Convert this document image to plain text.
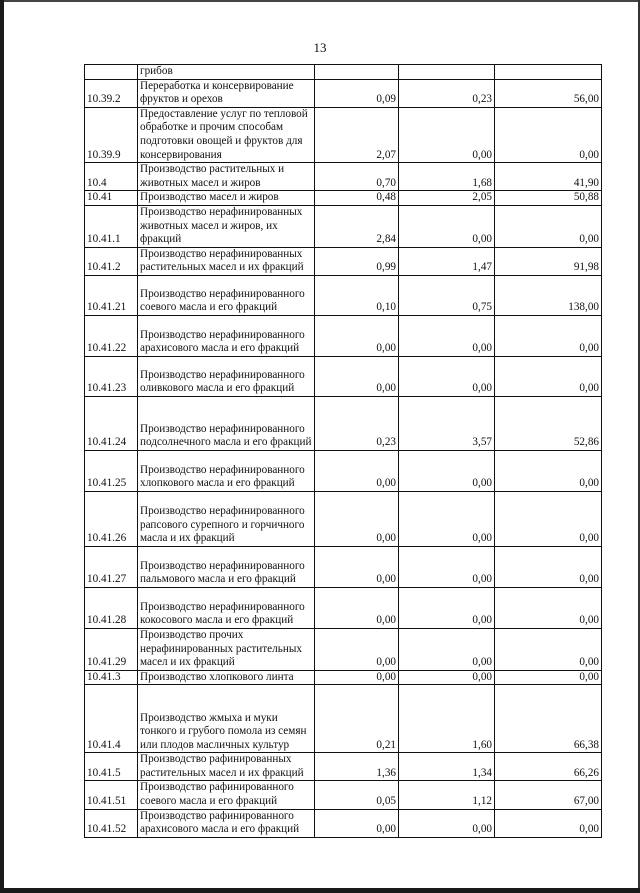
13
	грибов			
10.39.2	Переработка и консервирование фруктов и орехов	0,09	0,23	56,00
10.39.9	Предоставление услуг по тепловой обработке и прочим способам подготовки овощей и фруктов для консервирования	2,07	0,00	0,00
10.4	Производство растительных и животных масел и жиров	0,70	1,68	41,90
10.41	Производство масел и жиров	0,48	2,05	50,88
10.41.1	Производство нерафинированных животных масел и жиров, их фракций	2,84	0,00	0,00
10.41.2	Производство нерафинированных растительных масел и их фракций	0,99	1,47	91,98
10.41.21	Производство нерафинированного соевого масла и его фракций	0,10	0,75	138,00
10.41.22	Производство нерафинированного арахисового масла и его фракций	0,00	0,00	0,00
10.41.23	Производство нерафинированного оливкового масла и его фракций	0,00	0,00	0,00
10.41.24	Производство нерафинированного подсолнечного масла и его фракций	0,23	3,57	52,86
10.41.25	Производство нерафинированного хлопкового масла и его фракций	0,00	0,00	0,00
10.41.26	Производство нерафинированного рапсового сурепного и горчичного масла и их фракций	0,00	0,00	0,00
10.41.27	Производство нерафинированного пальмового масла и его фракций	0,00	0,00	0,00
10.41.28	Производство нерафинированного кокосового масла и его фракций	0,00	0,00	0,00
10.41.29	Производство прочих нерафинированных растительных масел и их фракций	0,00	0,00	0,00
10.41.3	Производство хлопкового линта	0,00	0,00	0,00
10.41.4	Производство жмыха и муки тонкого и грубого помола из семян или плодов масличных культур	0,21	1,60	66,38
10.41.5	Производство рафинированных растительных масел и их фракций	1,36	1,34	66,26
10.41.51	Производство рафинированного соевого масла и его фракций	0,05	1,12	67,00
10.41.52	Производство рафинированного арахисового масла и его фракций	0,00	0,00	0,00
